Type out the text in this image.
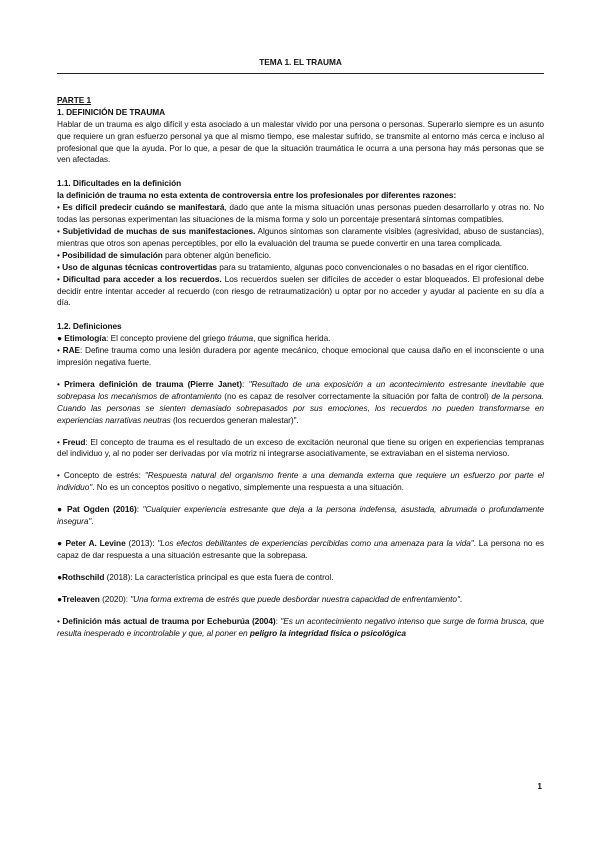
TEMA 1. EL TRAUMA

PARTE 1

1. DEFINICIÓN DE TRAUMA

Hablar de un trauma es algo difícil y esta asociado a un malestar vivido por una persona o personas. Superarlo siempre es un asunto que requiere un gran esfuerzo personal ya que al mismo tiempo, ese malestar sufrido, se transmite al entorno más cerca e incluso al profesional que que la ayuda. Por lo que, a pesar de que la situación traumática le ocurra a una persona hay más personas que se ven afectadas.

1.1. Dificultades en la definición

la definición de trauma no esta extenta de controversia entre los profesionales por diferentes razones:

• Es difícil predecir cuándo se manifestará, dado que ante la misma situación unas personas pueden desarrollarlo y otras no. No todas las personas experimentan las situaciones de la misma forma y solo un porcentaje presentará síntomas compatibles.

• Subjetividad de muchas de sus manifestaciones. Algunos síntomas son claramente visibles (agresividad, abuso de sustancias), mientras que otros son apenas perceptibles, por ello la evaluación del trauma se puede convertir en una tarea complicada.

• Posibilidad de simulación para obtener algún beneficio.

• Uso de algunas técnicas controvertidas para su tratamiento, algunas poco convencionales o no basadas en el rigor científico.

• Dificultad para acceder a los recuerdos. Los recuerdos suelen ser difíciles de acceder o estar bloqueados. El profesional debe decidir entre intentar acceder al recuerdo (con riesgo de retraumatización) u optar por no acceder y ayudar al paciente en su día a día.

1.2. Definiciones

● Etimología: El concepto proviene del griego tráuma, que significa herida.

• RAE: Define trauma como una lesión duradera por agente mecánico, choque emocional que causa daño en el inconsciente o una impresión negativa fuerte.

• Primera definición de trauma (Pierre Janet): "Resultado de una exposición a un acontecimiento estresante inevitable que sobrepasa los mecanismos de afrontamiento (no es capaz de resolver correctamente la situación por falta de control) de la persona. Cuando las personas se sienten demasiado sobrepasados por sus emociones, los recuerdos no pueden transformarse en experiencias narrativas neutras (los recuerdos generan malestar)".

• Freud: El concepto de trauma es el resultado de un exceso de excitación neuronal que tiene su origen en experiencias tempranas del individuo y, al no poder ser derivadas por vía motriz ni integrarse asociativamente, se extraviaban en el sistema nervioso.

• Concepto de estrés: "Respuesta natural del organismo frente a una demanda externa que requiere un esfuerzo por parte el individuo". No es un conceptos positivo o negativo, simplemente una respuesta a una situación.

● Pat Ogden (2016): "Cualquier experiencia estresante que deja a la persona indefensa, asustada, abrumada o profundamente insegura".

● Peter A. Levine (2013): "Los efectos debilitantes de experiencias percibidas como una amenaza para la vida". La persona no es capaz de dar respuesta a una situación estresante que la sobrepasa.

●Rothschild (2018): La característica principal es que esta fuera de control.

●Treleaven (2020): "Una forma extrema de estrés que puede desbordar nuestra capacidad de enfrentamiento".

• Definición más actual de trauma por Echeburúa (2004): "Es un acontecimiento negativo intenso que surge de forma brusca, que resulta inesperado e incontrolable y que, al poner en peligro la integridad física o psicológica

1
